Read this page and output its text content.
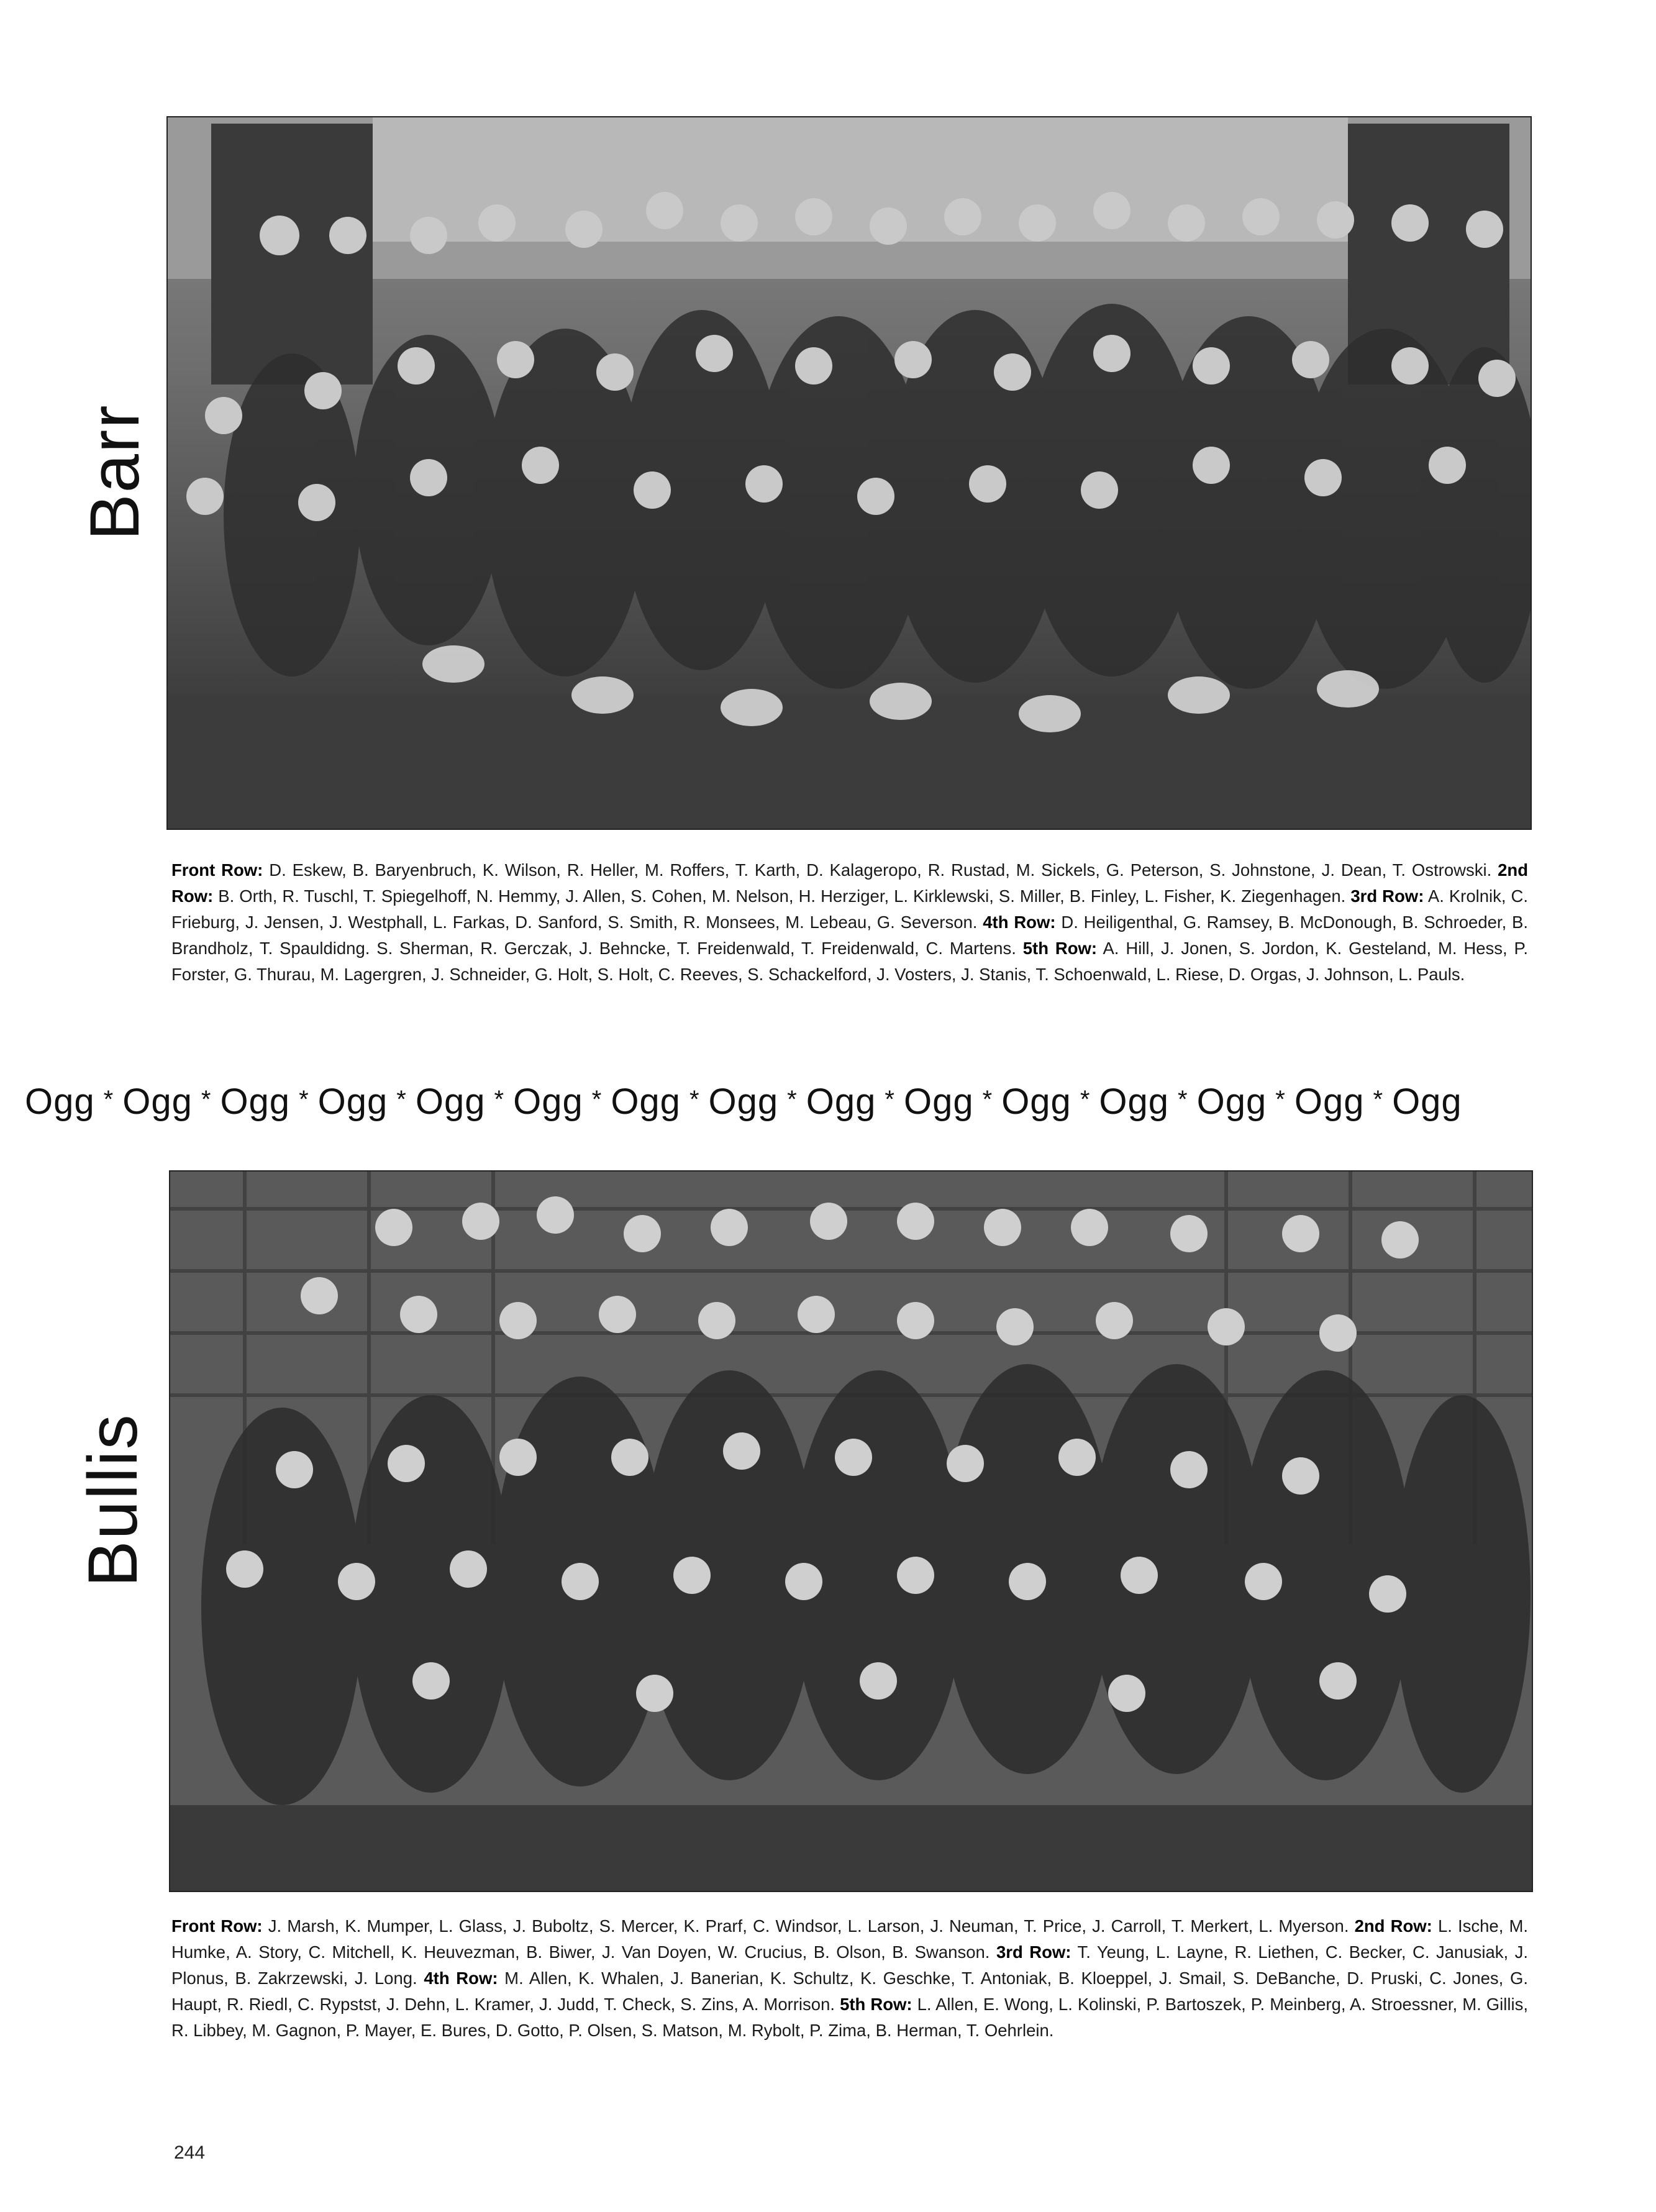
Barr
Front Row: D. Eskew, B. Baryenbruch, K. Wilson, R. Heller, M. Roffers, T. Karth, D. Kalageropo, R. Rustad, M. Sickels, G. Peterson, S. Johnstone, J. Dean, T. Ostrowski. 2nd Row: B. Orth, R. Tuschl, T. Spiegelhoff, N. Hemmy, J. Allen, S. Cohen, M. Nelson, H. Herziger, L. Kirklewski, S. Miller, B. Finley, L. Fisher, K. Ziegenhagen. 3rd Row: A. Krolnik, C. Frieburg, J. Jensen, J. Westphall, L. Farkas, D. Sanford, S. Smith, R. Monsees, M. Lebeau, G. Severson. 4th Row: D. Heiligenthal, G. Ramsey, B. McDonough, B. Schroeder, B. Brandholz, T. Spauldidng. S. Sherman, R. Gerczak, J. Behncke, T. Freidenwald, T. Freidenwald, C. Martens. 5th Row: A. Hill, J. Jonen, S. Jordon, K. Gesteland, M. Hess, P. Forster, G. Thurau, M. Lagergren, J. Schneider, G. Holt, S. Holt, C. Reeves, S. Schackelford, J. Vosters, J. Stanis, T. Schoenwald, L. Riese, D. Orgas, J. Johnson, L. Pauls.
Ogg * Ogg * Ogg * Ogg * Ogg * Ogg * Ogg * Ogg * Ogg * Ogg * Ogg * Ogg * Ogg * Ogg * Ogg
Bullis
Front Row: J. Marsh, K. Mumper, L. Glass, J. Buboltz, S. Mercer, K. Prarf, C. Windsor, L. Larson, J. Neuman, T. Price, J. Carroll, T. Merkert, L. Myerson. 2nd Row: L. Ische, M. Humke, A. Story, C. Mitchell, K. Heuvezman, B. Biwer, J. Van Doyen, W. Crucius, B. Olson, B. Swanson. 3rd Row: T. Yeung, L. Layne, R. Liethen, C. Becker, C. Janusiak, J. Plonus, B. Zakrzewski, J. Long. 4th Row: M. Allen, K. Whalen, J. Banerian, K. Schultz, K. Geschke, T. Antoniak, B. Kloeppel, J. Smail, S. DeBanche, D. Pruski, C. Jones, G. Haupt, R. Riedl, C. Rypstst, J. Dehn, L. Kramer, J. Judd, T. Check, S. Zins, A. Morrison. 5th Row: L. Allen, E. Wong, L. Kolinski, P. Bartoszek, P. Meinberg, A. Stroessner, M. Gillis, R. Libbey, M. Gagnon, P. Mayer, E. Bures, D. Gotto, P. Olsen, S. Matson, M. Rybolt, P. Zima, B. Herman, T. Oehrlein.
244
